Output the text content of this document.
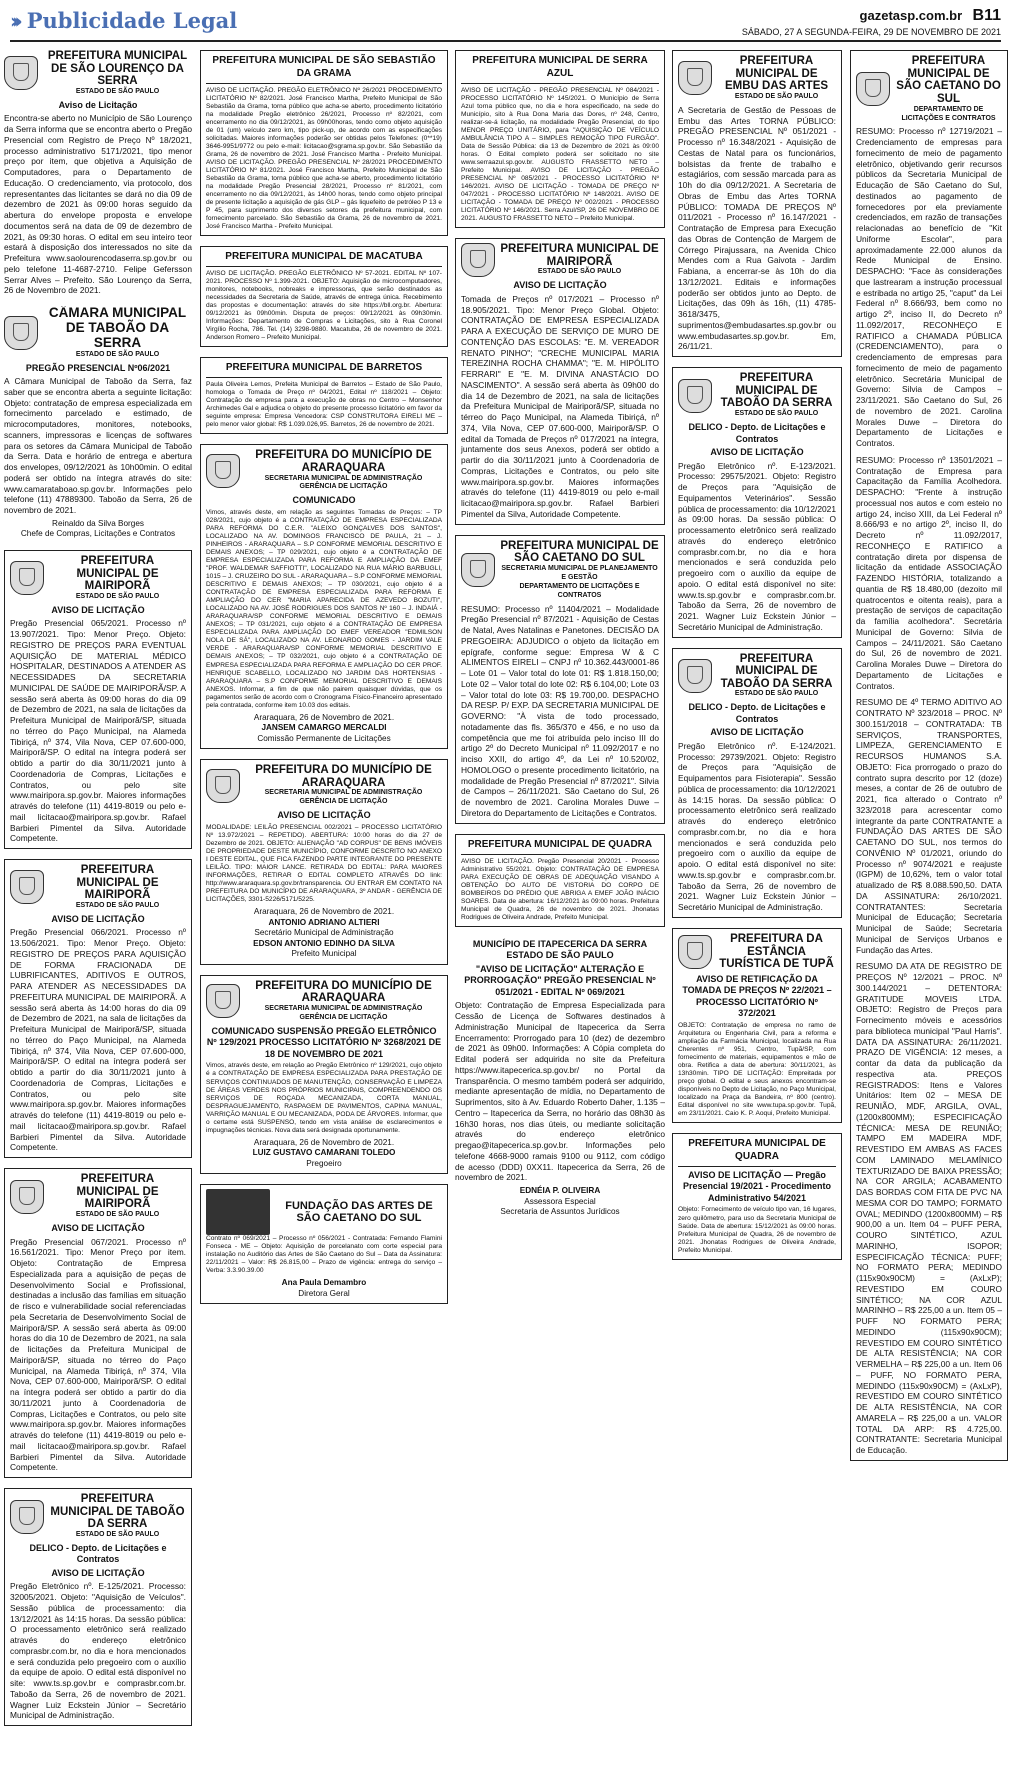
››› Publicidade Legal	gazetasp.com.br B11
SÁBADO, 27 A SEGUNDA-FEIRA, 29 DE NOVEMBRO DE 2021
PREFEITURA MUNICIPAL DE SÃO LOURENÇO DA SERRA
ESTADO DE SÃO PAULO
Aviso de Licitação
Encontra-se aberto no Município de São Lourenço da Serra informa que se encontra aberto o Pregão Presencial com Registro de Preço Nº 18/2021, processo administrativo 5171/2021, tipo menor preço por item, que objetiva a Aquisição de Computadores, para o Departamento de Educação. O credenciamento, via protocolo, dos representantes das licitantes se dará no dia 09 de dezembro de 2021 às 09:00 horas seguido da abertura do envelope proposta e envelope documentos será na data de 09 de dezembro de 2021, às 09:30 horas. O edital em seu inteiro teor estará à disposição dos interessados no site da Prefeitura www.saolourencodaserra.sp.gov.br ou pelo telefone 11-4687-2710. Felipe Gefersson Serrar Alves – Prefeito. São Lourenço da Serra, 26 de Novembro de 2021.
CÂMARA MUNICIPAL DE TABOÃO DA SERRA
ESTADO DE SÃO PAULO
PREGÃO PRESENCIAL Nº06/2021
A Câmara Municipal de Taboão da Serra, faz saber que se encontra aberta a seguinte licitação: Objeto: contratação de empresa especializada em fornecimento parcelado e estimado, de microcomputadores, monitores, notebooks, scanners, impressoras e licenças de softwares para os setores da Câmara Municipal de Taboão da Serra. Data e horário de entrega e abertura dos envelopes, 09/12/2021 às 10h00min. O edital poderá ser obtido na íntegra através do site: www.camarataboao.sp.gov.br. Informações pelo telefone (11) 47889300. Taboão da Serra, 26 de novembro de 2021.
Reinaldo da Silva Borges
Chefe de Compras, Licitações e Contratos
PREFEITURA MUNICIPAL DE MAIRIPORÃ
ESTADO DE SÃO PAULO
AVISO DE LICITAÇÃO
Pregão Presencial 065/2021. Processo nº 13.907/2021. Tipo: Menor Preço. Objeto: REGISTRO DE PREÇOS PARA EVENTUAL AQUISIÇÃO DE MATERIAL MÉDICO HOSPITALAR, DESTINADOS A ATENDER AS NECESSIDADES DA SECRETARIA MUNICIPAL DE SAÚDE DE MAIRIPORÃ/SP. A sessão será aberta às 09:00 horas do dia 09 de Dezembro de 2021, na sala de licitações da Prefeitura Municipal de Mairiporã/SP, situada no térreo do Paço Municipal, na Alameda Tibiriçá, nº 374, Vila Nova, CEP 07.600-000, Mairiporã/SP. O edital na íntegra poderá ser obtido a partir do dia 30/11/2021 junto à Coordenadoria de Compras, Licitações e Contratos, ou pelo site www.mairipora.sp.gov.br. Maiores informações através do telefone (11) 4419-8019 ou pelo e-mail licitacao@mairipora.sp.gov.br. Rafael Barbieri Pimentel da Silva. Autoridade Competente.
PREFEITURA MUNICIPAL DE MAIRIPORÃ
ESTADO DE SÃO PAULO
AVISO DE LICITAÇÃO
Pregão Presencial 066/2021. Processo nº 13.506/2021. Tipo: Menor Preço. Objeto: REGISTRO DE PREÇOS PARA AQUISIÇÃO DE FORMA FRACIONADA DE LUBRIFICANTES, ADITIVOS E OUTROS, PARA ATENDER AS NECESSIDADES DA PREFEITURA MUNICIPAL DE MAIRIPORÃ. A sessão será aberta às 14:00 horas do dia 09 de Dezembro de 2021, na sala de licitações da Prefeitura Municipal de Mairiporã/SP, situada no térreo do Paço Municipal, na Alameda Tibiriçá, nº 374, Vila Nova, CEP 07.600-000, Mairiporã/SP. O edital na íntegra poderá ser obtido a partir do dia 30/11/2021 junto à Coordenadoria de Compras, Licitações e Contratos, ou pelo site www.mairipora.sp.gov.br. Maiores informações através do telefone (11) 4419-8019 ou pelo e-mail licitacao@mairipora.sp.gov.br. Rafael Barbieri Pimentel da Silva. Autoridade Competente.
PREFEITURA MUNICIPAL DE MAIRIPORÃ
ESTADO DE SÃO PAULO
AVISO DE LICITAÇÃO
Pregão Presencial 067/2021. Processo nº 16.561/2021. Tipo: Menor Preço por item. Objeto: Contratação de Empresa Especializada para a aquisição de peças de Desenvolvimento Social e Profissional, destinadas a inclusão das famílias em situação de risco e vulnerabilidade social referenciadas pela Secretaria de Desenvolvimento Social de Mairiporã/SP. A sessão será aberta às 09:00 horas do dia 10 de Dezembro de 2021, na sala de licitações da Prefeitura Municipal de Mairiporã/SP, situada no térreo do Paço Municipal, na Alameda Tibiriçá, nº 374, Vila Nova, CEP 07.600-000, Mairiporã/SP. O edital na íntegra poderá ser obtido a partir do dia 30/11/2021 junto à Coordenadoria de Compras, Licitações e Contratos, ou pelo site www.mairipora.sp.gov.br. Maiores informações através do telefone (11) 4419-8019 ou pelo e-mail licitacao@mairipora.sp.gov.br. Rafael Barbieri Pimentel da Silva. Autoridade Competente.
PREFEITURA MUNICIPAL DE TABOÃO DA SERRA
ESTADO DE SÃO PAULO
DELICO - Depto. de Licitações e Contratos
AVISO DE LICITAÇÃO
Pregão Eletrônico nº. E-125/2021. Processo: 32005/2021. Objeto: "Aquisição de Veículos". Sessão pública de processamento: dia 13/12/2021 às 14:15 horas. Da sessão pública: O processamento eletrônico será realizado através do endereço eletrônico comprasbr.com.br, no dia e hora mencionados e será conduzida pelo pregoeiro com o auxílio da equipe de apoio. O edital está disponível no site: www.ts.sp.gov.br e comprasbr.com.br. Taboão da Serra, 26 de novembro de 2021. Wagner Luiz Eckstein Júnior – Secretário Municipal de Administração.
PREFEITURA MUNICIPAL DE SÃO SEBASTIÃO DA GRAMA
AVISO DE LICITAÇÃO. PREGÃO ELETRÔNICO Nº 26/2021 PROCEDIMENTO LICITATÓRIO Nº 82/2021. José Francisco Martha, Prefeito Municipal de São Sebastião da Grama, torna público que acha-se aberto, procedimento licitatório na modalidade Pregão eletrônico 26/2021, Processo nº 82/2021, com encerramento no dia 09/12/2021, às 09h00horas, tendo como objeto aquisição de 01 (um) veículo zero km, tipo pick-up, de acordo com as especificações solicitadas. Maiores informações poderão ser obtidas pelos Telefones: (0**19) 3646-9951/9772 ou pelo e-mail: licitacao@sgrama.sp.gov.br. São Sebastião da Grama, 26 de novembro de 2021. José Francisco Martha - Prefeito Municipal. AVISO DE LICITAÇÃO. PREGÃO PRESENCIAL Nº 28/2021 PROCEDIMENTO LICITATÓRIO Nº 81/2021. José Francisco Martha, Prefeito Municipal de São Sebastião da Grama, torna público que acha-se aberto, procedimento licitatório na modalidade Pregão Presencial 28/2021, Processo nº 81/2021, com encerramento no dia 09/12/2021, às 14h00 horas, tendo como objeto principal de presente licitação a aquisição de gás GLP – gás liquefeito de petróleo P 13 e P 45, para suprimento dos diversos setores da prefeitura municipal, com fornecimento parcelado. São Sebastião da Grama, 26 de novembro de 2021. José Francisco Martha - Prefeito Municipal.
PREFEITURA MUNICIPAL DE MACATUBA
AVISO DE LICITAÇÃO. PREGÃO ELETRÔNICO Nº 57-2021. EDITAL Nº 107-2021. PROCESSO Nº 1.399-2021. OBJETO: Aquisição de microcomputadores, monitores, notebooks, nobreaks e impressoras, que serão destinados as necessidades da Secretaria de Saúde, através de entrega única. Recebimento das propostas e documentação: através do site https://bll.org.br. Abertura: 09/12/2021 às 09h00min. Disputa de preços: 09/12/2021 às 09h30min. Informações: Departamento de Compras e Licitações, sito à Rua Coronel Virgílio Rocha, 786. Tel. (14) 3298-9880. Macatuba, 26 de novembro de 2021. Anderson Romero – Prefeito Municipal.
PREFEITURA MUNICIPAL DE BARRETOS
Paula Oliveira Lemos, Prefeita Municipal de Barretos – Estado de São Paulo, homologa o Tomada de Preço nº 04/2021, Edital nº 118/2021 – Objeto: Contratação de empresa para a execução de obras no Centro – Monsenhor Archimedes Gal e adjudica o objeto do presente processo licitatório em favor da seguinte empresa: Empresa Vencedora: CSP CONSTRUTORA EIRELI ME – pelo menor valor global: R$ 1.039.026,95. Barretos, 26 de novembro de 2021.
PREFEITURA DO MUNICÍPIO DE ARARAQUARA
SECRETARIA MUNICIPAL DE ADMINISTRAÇÃO
GERÊNCIA DE LICITAÇÃO
COMUNICADO
Vimos, através deste, em relação as seguintes Tomadas de Preços: – TP 028/2021, cujo objeto é a CONTRATAÇÃO DE EMPRESA ESPECIALIZADA PARA REFORMA DO C.E.R. "ALEIXO GONÇALVES DOS SANTOS", LOCALIZADO NA AV. DOMINGOS FRANCISCO DE PAULA, 21 – J. PINHEIROS - ARARAQUARA – S.P CONFORME MEMORIAL DESCRITIVO E DEMAIS ANEXOS; – TP 029/2021, cujo objeto é a CONTRATAÇÃO DE EMPRESA ESPECIALIZADA PARA REFORMA E AMPLIAÇÃO DA EMEF "PROF. WALDEMAR SAFFIOTTI", LOCALIZADO NA RUA MÁRIO BARBUGLI, 1015 – J. CRUZEIRO DO SUL - ARARAQUARA – S.P CONFORME MEMORIAL DESCRITIVO E DEMAIS ANEXOS; – TP 030/2021, cujo objeto é a CONTRATAÇÃO DE EMPRESA ESPECIALIZADA PARA REFORMA E AMPLIAÇÃO DO CER "MARIA APARECIDA DE AZEVEDO BOZUTI", LOCALIZADO NA AV. JOSÉ RODRIGUES DOS SANTOS Nº 160 – J. INDAIÁ - ARARAQUARA/SP CONFORME MEMORIAL DESCRITIVO E DEMAIS ANEXOS; – TP 031/2021, cujo objeto é a CONTRATAÇÃO DE EMPRESA ESPECIALIZADA PARA AMPLIAÇÃO DO EMEF VEREADOR "EDMILSON NOLA DE SÁ", LOCALIZADO NA AV. LEONARDO GOMES - JARDIM VALE VERDE - ARARAQUARA/SP CONFORME MEMORIAL DESCRITIVO E DEMAIS ANEXOS; – TP 032/2021, cujo objeto é a CONTRATAÇÃO DE EMPRESA ESPECIALIZADA PARA REFORMA E AMPLIAÇÃO DO CER PROF. HENRIQUE SCABELLO, LOCALIZADO NO JARDIM DAS HORTENSIAS - ARARAQUARA – S.P CONFORME MEMORIAL DESCRITIVO E DEMAIS ANEXOS. Informar, a fim de que não pairem quaisquer dúvidas, que os pagamentos serão de acordo com o Cronograma Físico-Financeiro apresentado pela contratada, conforme item 10.03 dos editais.
Araraquara, 26 de Novembro de 2021.

JANSEM CAMARGO MERCALDI
Comissão Permanente de Licitações
PREFEITURA DO MUNICÍPIO DE ARARAQUARA
SECRETARIA MUNICIPAL DE ADMINISTRAÇÃO
GERÊNCIA DE LICITAÇÃO
AVISO DE LICITAÇÃO
MODALIDADE: LEILÃO PRESENCIAL 002/2021 – PROCESSO LICITATÓRIO Nº 13.972/2021 – REPETIDO). ABERTURA: 10:00 horas do dia 27 de Dezembro de 2021. OBJETO: ALIENAÇÃO "AD CORPUS" DE BENS IMÓVEIS DE PROPRIEDADE DESTE MUNICÍPIO, CONFORME DESCRITO NO ANEXO I DESTE EDITAL, QUE FICA FAZENDO PARTE INTEGRANTE DO PRESENTE LEILÃO. TIPO: MAIOR LANCE. RETIRADA DO EDITAL: PARA MAIORES INFORMAÇÕES, RETIRAR O EDITAL COMPLETO ATRAVÉS DO link: http://www.araraquara.sp.gov.br/transparencia. OU ENTRAR EM CONTATO NA PREFEITURA DO MUNICÍPIO DE ARARAQUARA, 3º ANDAR - GERÊNCIA DE LICITAÇÕES, 3301-5226/5171/5225.
Araraquara, 26 de Novembro de 2021.

ANTONIO ADRIANO ALTIERI
Secretário Municipal de Administração
EDSON ANTONIO EDINHO DA SILVA
Prefeito Municipal
PREFEITURA DO MUNICÍPIO DE ARARAQUARA
SECRETARIA MUNICIPAL DE ADMINISTRAÇÃO
GERÊNCIA DE LICITAÇÃO
COMUNICADO SUSPENSÃO PREGÃO ELETRÔNICO Nº 129/2021 PROCESSO LICITATÓRIO Nº 3268/2021 DE 18 DE NOVEMBRO DE 2021
Vimos, através deste, em relação ao Pregão Eletrônico nº 129/2021, cujo objeto é a CONTRATAÇÃO DE EMPRESA ESPECIALIZADA PARA PRESTAÇÃO DE SERVIÇOS CONTINUADOS DE MANUTENÇÃO, CONSERVAÇÃO E LIMPEZA DE ÁREAS VERDES NOS PRÓPRIOS MUNICIPAIS, COMPREENDENDO OS SERVIÇOS DE ROÇADA MECANIZADA, CORTA MANUAL, DESPRAGUEJAMENTO, RASPAGEM DE PAVIMENTOS, CAPINA MANUAL, VARRIÇÃO MANUAL E OU MECANIZADA, PODA DE ÁRVORES. Informar, que o certame está SUSPENSO, tendo em vista análise de esclarecimentos e impugnações técnicas. Nova data será designada oportunamente.
Araraquara, 26 de Novembro de 2021.

LUIZ GUSTAVO CAMARANI TOLEDO
Pregoeiro
FUNDAÇÃO DAS ARTES DE SÃO CAETANO DO SUL
Contrato nº 069/2021 – Processo nº 056/2021 - Contratada: Fernando Flamini Fonseca - ME – Objeto: Aquisição de porcelanato com corte especial para instalação no Auditório das Artes de São Caetano do Sul – Data da Assinatura: 22/11/2021 – Valor: R$ 26.815,00 – Prazo de vigência: entrega do serviço – Verba: 3.3.90.39.00
Ana Paula Demambro
Diretora Geral
PREFEITURA MUNICIPAL DE SERRA AZUL
AVISO DE LICITAÇÃO - PREGÃO PRESENCIAL Nº 084/2021 - PROCESSO LICITATÓRIO Nº 145/2021. O Município de Serra Azul torna público que, no dia e hora especificado, na sede do Município, sito à Rua Dona Maria das Dores, nº 248, Centro, realizar-se-á licitação, na modalidade Pregão Presencial, do tipo MENOR PREÇO UNITÁRIO, para "AQUISIÇÃO DE VEÍCULO AMBULÂNCIA TIPO A – SIMPLES REMOÇÃO TIPO FURGÃO". Data de Sessão Pública: dia 13 de Dezembro de 2021 às 09:00 horas. O Edital completo poderá ser solicitado no site www.serraazul.sp.gov.br. AUGUSTO FRASSETTO NETO – Prefeito Municipal. AVISO DE LICITAÇÃO - PREGÃO PRESENCIAL Nº 085/2021 - PROCESSO LICITATÓRIO Nº 146/2021. AVISO DE LICITAÇÃO - TOMADA DE PREÇO Nº 047/2021 - PROCESSO LICITATÓRIO Nº 148/2021. AVISO DE LICITAÇÃO - TOMADA DE PREÇO Nº 002/2021 - PROCESSO LICITATÓRIO Nº 146/2021. Serra Azul/SP, 26 DE NOVEMBRO DE 2021. AUGUSTO FRASSETTO NETO – Prefeito Municipal.
PREFEITURA MUNICIPAL DE MAIRIPORÃ
ESTADO DE SÃO PAULO
AVISO DE LICITAÇÃO
Tomada de Preços nº 017/2021 – Processo nº 18.905/2021. Tipo: Menor Preço Global. Objeto: CONTRATAÇÃO DE EMPRESA ESPECIALIZADA PARA A EXECUÇÃO DE SERVIÇO DE MURO DE CONTENÇÃO DAS ESCOLAS: "E. M. VEREADOR RENATO PINHO"; "CRECHE MUNICIPAL MARIA TEREZINHA ROCHA CHAMMA"; "E. M. HIPÓLITO FERRARI" E "E. M. DIVINA ANASTÁCIO DO NASCIMENTO". A sessão será aberta às 09h00 do dia 14 de Dezembro de 2021, na sala de licitações da Prefeitura Municipal de Mairiporã/SP, situada no térreo do Paço Municipal, na Alameda Tibiriçá, nº 374, Vila Nova, CEP 07.600-000, Mairiporã/SP. O edital da Tomada de Preços nº 017/2021 na íntegra, juntamente dos seus Anexos, poderá ser obtido a partir do dia 30/11/2021 junto à Coordenadoria de Compras, Licitações e Contratos, ou pelo site www.mairipora.sp.gov.br. Maiores informações através do telefone (11) 4419-8019 ou pelo e-mail licitacao@mairipora.sp.gov.br. Rafael Barbieri Pimentel da Silva, Autoridade Competente.
PREFEITURA MUNICIPAL DE SÃO CAETANO DO SUL
SECRETARIA MUNICIPAL DE PLANEJAMENTO E GESTÃO
DEPARTAMENTO DE LICITAÇÕES E CONTRATOS
RESUMO: Processo nº 11404/2021 – Modalidade Pregão Presencial nº 87/2021 - Aquisição de Cestas de Natal, Aves Natalinas e Panetones. DECISÃO DA PREGOEIRA: ADJUDICO o objeto da licitação em epígrafe, conforme segue: Empresa W & C ALIMENTOS EIRELI – CNPJ nº 10.362.443/0001-86 – Lote 01 – Valor total do lote 01: R$ 1.818.150,00; Lote 02 – Valor total do lote 02: R$ 6.104,00; Lote 03 – Valor total do lote 03: R$ 19.700,00. DESPACHO DA RESP. P/ EXP. DA SECRETARIA MUNICIPAL DE GOVERNO: "À vista de todo processado, notadamente das fls. 365/370 e 456, e no uso da competência que me foi atribuída pelo inciso III do artigo 2º do Decreto Municipal nº 11.092/2017 e no inciso XXII, do artigo 4º, da Lei nº 10.520/02, HOMOLOGO o presente procedimento licitatório, na modalidade de Pregão Presencial nº 87/2021". Silvia de Campos – 26/11/2021. São Caetano do Sul, 26 de novembro de 2021. Carolina Morales Duwe – Diretora do Departamento de Licitações e Contratos.
PREFEITURA MUNICIPAL DE QUADRA
AVISO DE LICITAÇÃO. Pregão Presencial 20/2021 - Processo Administrativo 55/2021. Objeto: CONTRATAÇÃO DE EMPRESA PARA EXECUÇÃO DE OBRAS DE ADEQUAÇÃO VISANDO A OBTENÇÃO DO AUTO DE VISTORIA DO CORPO DE BOMBEIROS DO PRÉDIO QUE ABRIGA A EMEF JOÃO INÁCIO SOARES. Data de abertura: 16/12/2021 às 09:00 horas. Prefeitura Municipal de Quadra, 26 de novembro de 2021. Jhonatas Rodrigues de Oliveira Andrade, Prefeito Municipal.
MUNICÍPIO DE ITAPECERICA DA SERRA ESTADO DE SÃO PAULO
"AVISO DE LICITAÇÃO" ALTERAÇÃO E PRORROGAÇÃO" PREGÃO PRESENCIAL Nº 051/2021 - EDITAL Nº 069/2021
Objeto: Contratação de Empresa Especializada para Cessão de Licença de Softwares destinados à Administração Municipal de Itapecerica da Serra Encerramento: Prorrogado para 10 (dez) de dezembro de 2021 às 09h00. Informações: A Cópia completa do Edital poderá ser adquirida no site da Prefeitura https://www.itapecerica.sp.gov.br/ no Portal da Transparência. O mesmo também poderá ser adquirido, mediante apresentação de mídia, no Departamento de Suprimentos, sito à Av. Eduardo Roberto Daher, 1.135 – Centro – Itapecerica da Serra, no horário das 08h30 às 16h30 horas, nos dias úteis, ou mediante solicitação através do endereço eletrônico pregao@itapecerica.sp.gov.br. Informações pelo telefone 4668-9000 ramais 9100 ou 9112, com código de acesso (DDD) 0XX11. Itapecerica da Serra, 26 de novembro de 2021.
EDNÉIA P. OLIVEIRA
Assessora Especial
Secretaria de Assuntos Jurídicos
PREFEITURA MUNICIPAL DE EMBU DAS ARTES
ESTADO DE SÃO PAULO
A Secretaria de Gestão de Pessoas de Embu das Artes TORNA PÚBLICO: PREGÃO PRESENCIAL Nº 051/2021 - Processo nº 16.348/2021 - Aquisição de Cestas de Natal para os funcionários, bolsistas da frente de trabalho e estagiários, com sessão marcada para as 10h do dia 09/12/2021. A Secretaria de Obras de Embu das Artes TORNA PÚBLICO: TOMADA DE PREÇOS Nº 011/2021 - Processo nº 16.147/2021 - Contratação de Empresa para Execução das Obras de Contenção de Margem de Córrego Pirajussara, na Avenida Chico Mendes com a Rua Gaivota - Jardim Fabiana, a encerrar-se às 10h do dia 13/12/2021. Editais e informações poderão ser obtidos junto ao Depto. de Licitações, das 09h às 16h, (11) 4785-3618/3475, suprimentos@embudasartes.sp.gov.br ou www.embudasartes.sp.gov.br. Em, 26/11/21.
PREFEITURA MUNICIPAL DE TABOÃO DA SERRA
ESTADO DE SÃO PAULO
DELICO - Depto. de Licitações e Contratos
AVISO DE LICITAÇÃO
Pregão Eletrônico nº. E-123/2021. Processo: 29575/2021. Objeto: Registro de Preços para "Aquisição de Equipamentos Veterinários". Sessão pública de processamento: dia 10/12/2021 às 09:00 horas. Da sessão pública: O processamento eletrônico será realizado através do endereço eletrônico comprasbr.com.br, no dia e hora mencionados e será conduzida pelo pregoeiro com o auxílio da equipe de apoio. O edital está disponível no site: www.ts.sp.gov.br e comprasbr.com.br. Taboão da Serra, 26 de novembro de 2021. Wagner Luiz Eckstein Júnior – Secretário Municipal de Administração.
PREFEITURA MUNICIPAL DE TABOÃO DA SERRA
ESTADO DE SÃO PAULO
DELICO - Depto. de Licitações e Contratos
AVISO DE LICITAÇÃO
Pregão Eletrônico nº. E-124/2021. Processo: 29739/2021. Objeto: Registro de Preços para "Aquisição de Equipamentos para Fisioterapia". Sessão pública de processamento: dia 10/12/2021 às 14:15 horas. Da sessão pública: O processamento eletrônico será realizado através do endereço eletrônico comprasbr.com.br, no dia e hora mencionados e será conduzida pelo pregoeiro com o auxílio da equipe de apoio. O edital está disponível no site: www.ts.sp.gov.br e comprasbr.com.br. Taboão da Serra, 26 de novembro de 2021. Wagner Luiz Eckstein Júnior – Secretário Municipal de Administração.
PREFEITURA DA ESTÂNCIA TURÍSTICA DE TUPÃ
AVISO DE RETIFICAÇÃO DA TOMADA DE PREÇOS Nº 22/2021 – PROCESSO LICITATÓRIO Nº 372/2021
OBJETO: Contratação de empresa no ramo de Arquitetura ou Engenharia Civil, para a reforma e ampliação da Farmácia Municipal, localizada na Rua Cherentes nº 951, Centro, Tupã/SP, com fornecimento de materiais, equipamentos e mão de obra. Retifica a data de abertura: 30/11/2021, às 13h30min. TIPO DE LICITAÇÃO: Empreitada por preço global. O edital e seus anexos encontram-se disponíveis no Depto de Licitação, no Paço Municipal, localizado na Praça da Bandeira, nº 800 (centro). Edital disponível no site www.tupa.sp.gov.br. Tupã, em 23/11/2021. Caio K. P. Aoqui, Prefeito Municipal.
PREFEITURA MUNICIPAL DE QUADRA
AVISO DE LICITAÇÃO — Pregão Presencial 19/2021 - Procedimento Administrativo 54/2021
Objeto: Fornecimento de veículo tipo van, 16 lugares, zero quilômetro, para uso da Secretaria Municipal de Saúde. Data de abertura: 15/12/2021 às 09:00 horas. Prefeitura Municipal de Quadra, 26 de novembro de 2021. Jhonatas Rodrigues de Oliveira Andrade, Prefeito Municipal.
PREFEITURA MUNICIPAL DE SÃO CAETANO DO SUL
DEPARTAMENTO DE LICITAÇÕES E CONTRATOS
RESUMO: Processo nº 12719/2021 – Credenciamento de empresas para fornecimento de meio de pagamento eletrônico, objetivando gerir recursos públicos da Secretaria Municipal de Educação de São Caetano do Sul, destinados ao pagamento de fornecedores por ela previamente credenciados, em razão de transações relacionadas ao benefício de "Kit Uniforme Escolar", para aproximadamente 22.000 alunos da Rede Municipal de Ensino. DESPACHO: "Face às considerações que lastrearam a instrução processual e estribada no artigo 25, "caput" da Lei Federal nº 8.666/93, bem como no artigo 2º, inciso II, do Decreto nº 11.092/2017, RECONHEÇO E RATIFICO a CHAMADA PÚBLICA (CREDENCIAMENTO), para o credenciamento de empresas para fornecimento de meio de pagamento eletrônico. Secretária Municipal de Governo: Silvia de Campos – 23/11/2021. São Caetano do Sul, 26 de novembro de 2021. Carolina Morales Duwe – Diretora do Departamento de Licitações e Contratos.
RESUMO: Processo nº 13501/2021 – Contratação de Empresa para Capacitação da Família Acolhedora. DESPACHO: "Frente à instrução processual nos autos e com esteio no artigo 24, inciso XIII, da Lei Federal nº 8.666/93 e no artigo 2º, inciso II, do Decreto nº 11.092/2017, RECONHEÇO E RATIFICO a contratação direta por dispensa de licitação da entidade ASSOCIAÇÃO FAZENDO HISTÓRIA, totalizando a quantia de R$ 18.480,00 (dezoito mil quatrocentos e oitenta reais), para a prestação de serviços de capacitação da família acolhedora". Secretária Municipal de Governo: Silvia de Campos – 24/11/2021. São Caetano do Sul, 26 de novembro de 2021. Carolina Morales Duwe – Diretora do Departamento de Licitações e Contratos.
RESUMO DE 4º TERMO ADITIVO AO CONTRATO Nº 323/2018 – PROC. Nº 300.151/2018 – CONTRATADA: TB SERVIÇOS, TRANSPORTES, LIMPEZA, GERENCIAMENTO E RECURSOS HUMANOS S.A. OBJETO: Fica prorrogado o prazo do contrato supra descrito por 12 (doze) meses, a contar de 26 de outubro de 2021, fica alterado o Contrato nº 323/2018 para acrescentar como integrante da parte CONTRATANTE a FUNDAÇÃO DAS ARTES DE SÃO CAETANO DO SUL, nos termos do CONVÊNIO Nº 01/2021, oriundo do Processo nº 9074/2021 e reajuste (IGPM) de 10,62%, tem o valor total atualizado de R$ 8.088.590,50. DATA DA ASSINATURA: 26/10/2021. CONTRATANTES: Secretaria Municipal de Educação; Secretaria Municipal de Saúde; Secretaria Municipal de Serviços Urbanos e Fundação das Artes.
RESUMO DA ATA DE REGISTRO DE PREÇOS Nº 12/2021 – PROC. Nº 300.144/2021 – DETENTORA: GRATITUDE MOVEIS LTDA. OBJETO: Registro de Preços para Fornecimento móveis e acessórios para biblioteca municipal "Paul Harris". DATA DA ASSINATURA: 26/11/2021. PRAZO DE VIGÊNCIA: 12 meses, a contar da data da publicação da respectiva ata. PREÇOS REGISTRADOS: Itens e Valores Unitários: Item 02 – MESA DE REUNIÃO, MDF, ARGILA, OVAL, (1200x800MM); ESPECIFICAÇÃO TÉCNICA: MESA DE REUNIÃO; TAMPO EM MADEIRA MDF, REVESTIDO EM AMBAS AS FACES COM LAMINADO MELAMÍNICO TEXTURIZADO DE BAIXA PRESSÃO; NA COR ARGILA; ACABAMENTO DAS BORDAS COM FITA DE PVC NA MESMA COR DO TAMPO; FORMATO OVAL; MEDINDO (1200x800MM) – R$ 900,00 a un. Item 04 – PUFF PERA, COURO SINTÉTICO, AZUL MARINHO, ISOPOR; ESPECIFICAÇÃO TÉCNICA: PUFF; NO FORMATO PERA; MEDINDO (115x90x90CM) = (AxLxP); REVESTIDO EM COURO SINTÉTICO; NA COR AZUL MARINHO – R$ 225,00 a un. Item 05 – PUFF NO FORMATO PERA; MEDINDO (115x90x90CM); REVESTIDO EM COURO SINTÉTICO DE ALTA RESISTÊNCIA; NA COR VERMELHA – R$ 225,00 a un. Item 06 – PUFF, NO FORMATO PERA, MEDINDO (115x90x90CM) = (AxLxP), REVESTIDO EM COURO SINTÉTICO DE ALTA RESISTÊNCIA, NA COR AMARELA – R$ 225,00 a un. VALOR TOTAL DA ARP: R$ 4.725,00. CONTRATANTE: Secretaria Municipal de Educação.
